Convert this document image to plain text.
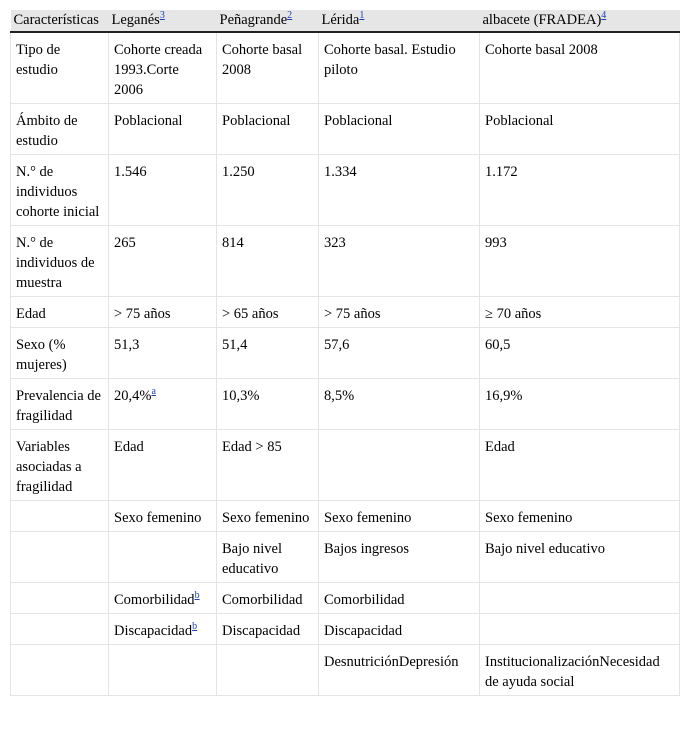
Características	Leganés$^3$	Peñagrande$^2$	Lérida$^1$	albacete (FRADEA)$^4$
Tipo de estudio	Cohorte creada 1993.Corte 2006	Cohorte basal 2008	Cohorte basal. Estudio piloto	Cohorte basal 2008
Ámbito de estudio	Poblacional	Poblacional	Poblacional	Poblacional
N.° de individuos cohorte inicial	1.546	1.250	1.334	1.172
N.° de individuos de muestra	265	814	323	993
Edad	> 75 años	> 65 años	> 75 años	≥ 70 años
Sexo (% mujeres)	51,3	51,4	57,6	60,5
Prevalencia de fragilidad	20,4%$^a$	10,3%	8,5%	16,9%
Variables asociadas a fragilidad	Edad	Edad > 85		Edad
	Sexo femenino	Sexo femenino	Sexo femenino	Sexo femenino
		Bajo nivel educativo	Bajos ingresos	Bajo nivel educativo
	Comorbilidad$^b$	Comorbilidad	Comorbilidad	
	Discapacidad$^b$	Discapacidad	Discapacidad	
			DesnutriciónDepresión	InstitucionalizaciónNecesidad de ayuda social
